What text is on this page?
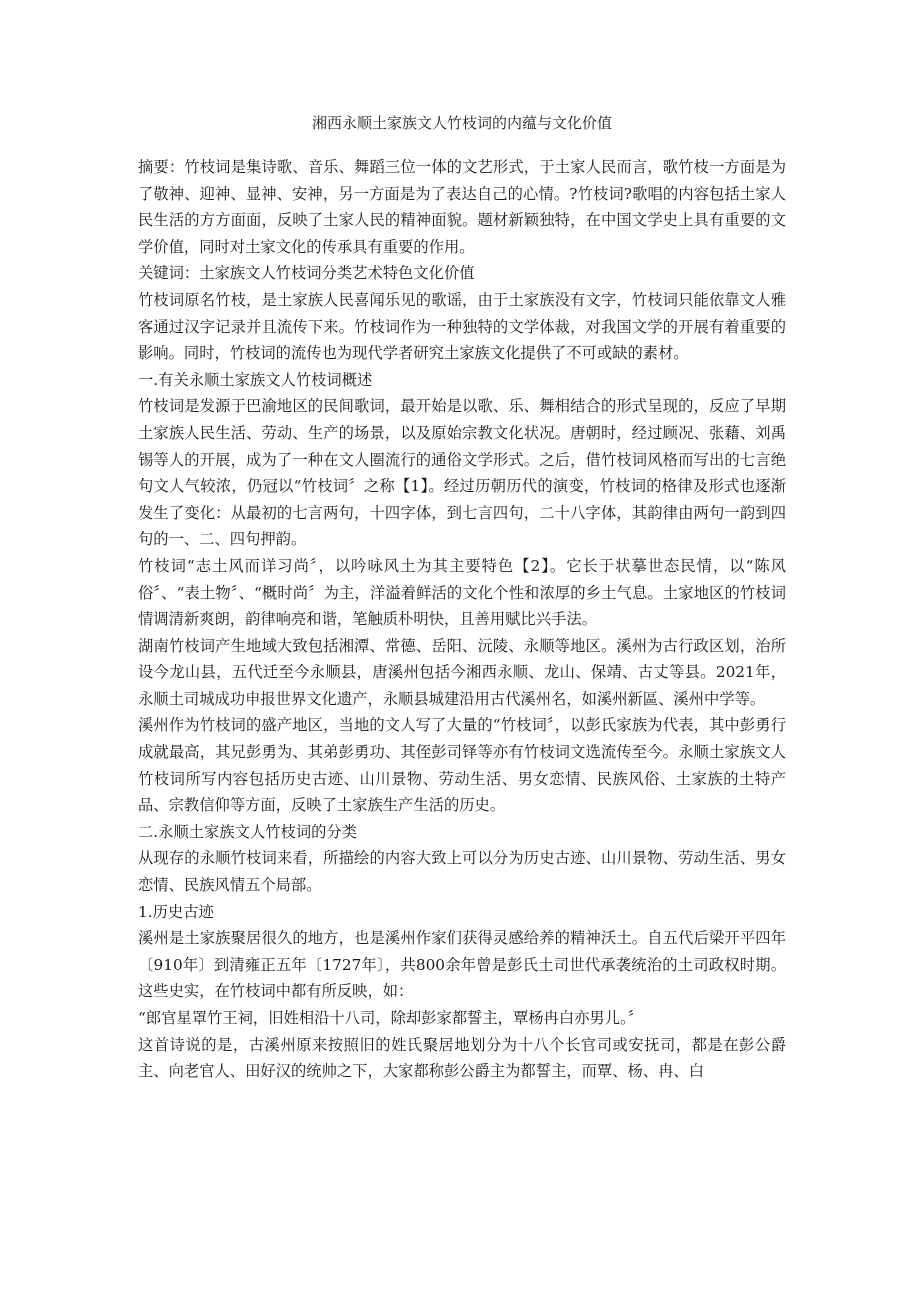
湘西永顺土家族文人竹枝词的内蕴与文化价值

摘要：竹枝词是集诗歌、音乐、舞蹈三位一体的文艺形式，于土家人民而言，歌竹枝一方面是为了敬神、迎神、显神、安神，另一方面是为了表达自己的心情。?竹枝词?歌唱的内容包括土家人民生活的方方面面，反映了土家人民的精神面貌。题材新颖独特，在中国文学史上具有重要的文学价值，同时对土家文化的传承具有重要的作用。

关键词：土家族文人竹枝词分类艺术特色文化价值

竹枝词原名竹枝，是土家族人民喜闻乐见的歌谣，由于土家族没有文字，竹枝词只能依靠文人雅客通过汉字记录并且流传下来。竹枝词作为一种独特的文学体裁，对我国文学的开展有着重要的影响。同时，竹枝词的流传也为现代学者研究土家族文化提供了不可或缺的素材。

一.有关永顺土家族文人竹枝词概述

竹枝词是发源于巴渝地区的民间歌词，最开始是以歌、乐、舞相结合的形式呈现的，反应了早期土家族人民生活、劳动、生产的场景，以及原始宗教文化状况。唐朝时，经过顾况、张藉、刘禹锡等人的开展，成为了一种在文人圈流行的通俗文学形式。之后，借竹枝词风格而写出的七言绝句文人气较浓，仍冠以“竹枝词〞之称【1】。经过历朝历代的演变，竹枝词的格律及形式也逐渐发生了变化：从最初的七言两句，十四字体，到七言四句，二十八字体，其韵律由两句一韵到四句的一、二、四句押韵。

竹枝词“志土风而详习尚〞，以吟咏风土为其主要特色【2】。它长于状摹世态民情，以“陈风俗〞、“表土物〞、“概时尚〞为主，洋溢着鲜活的文化个性和浓厚的乡土气息。土家地区的竹枝词情调清新爽朗，韵律响亮和谐，笔触质朴明快，且善用赋比兴手法。

湖南竹枝词产生地域大致包括湘潭、常德、岳阳、沅陵、永顺等地区。溪州为古行政区划，治所设今龙山县，五代迁至今永顺县，唐溪州包括今湘西永顺、龙山、保靖、古丈等县。2021年，永顺土司城成功申报世界文化遗产，永顺县城建沿用古代溪州名，如溪州新區、溪州中学等。

溪州作为竹枝词的盛产地区，当地的文人写了大量的“竹枝词〞，以彭氏家族为代表，其中彭勇行成就最高，其兄彭勇为、其弟彭勇功、其侄彭司铎等亦有竹枝词文选流传至今。永顺土家族文人竹枝词所写内容包括历史古迹、山川景物、劳动生活、男女恋情、民族风俗、土家族的土特产品、宗教信仰等方面，反映了土家族生产生活的历史。

二.永顺土家族文人竹枝词的分类

从现存的永顺竹枝词来看，所描绘的内容大致上可以分为历史古迹、山川景物、劳动生活、男女恋情、民族风情五个局部。

1.历史古迹

溪州是土家族聚居很久的地方，也是溪州作家们获得灵感给养的精神沃土。自五代后梁开平四年〔910年〕到清雍正五年〔1727年〕，共800余年曾是彭氏土司世代承袭统治的土司政权时期。这些史实，在竹枝词中都有所反映，如：

“郎官星罩竹王祠，旧姓相沿十八司，除却彭家都誓主，覃杨冉白亦男儿。〞

这首诗说的是，古溪州原来按照旧的姓氏聚居地划分为十八个长官司或安抚司，都是在彭公爵主、向老官人、田好汉的统帅之下，大家都称彭公爵主为都誓主，而覃、杨、冉、白
